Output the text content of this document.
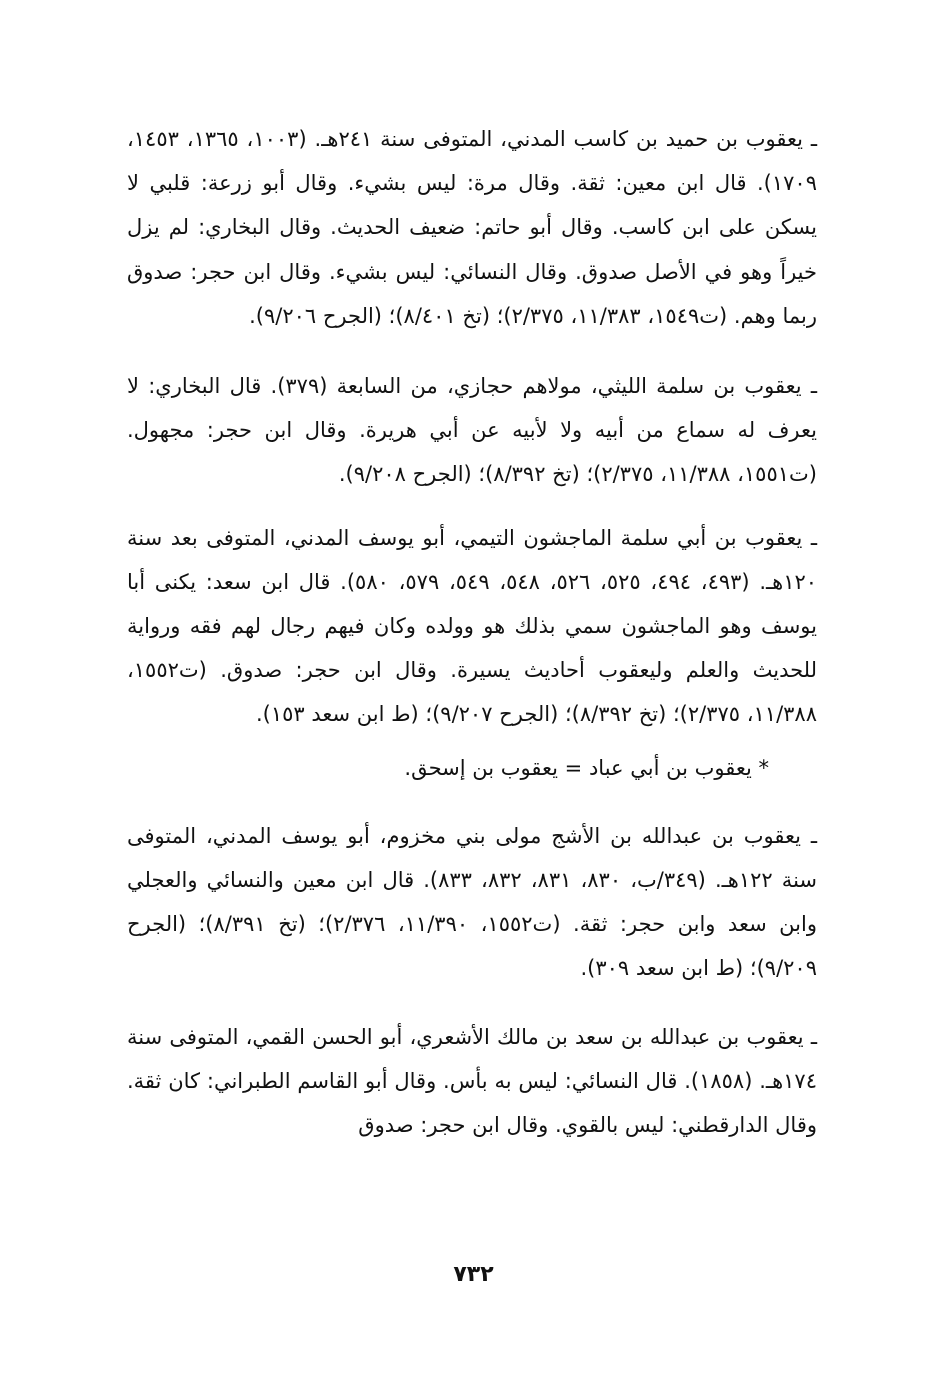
ـ يعقوب بن حميد بن كاسب المدني، المتوفى سنة ٢٤١هـ. (١٠٠٣، ١٣٦٥، ١٤٥٣، ١٧٠٩). قال ابن معين: ثقة. وقال مرة: ليس بشيء. وقال أبو زرعة: قلبي لا يسكن على ابن كاسب. وقال أبو حاتم: ضعيف الحديث. وقال البخاري: لم يزل خيراً وهو في الأصل صدوق. وقال النسائي: ليس بشيء. وقال ابن حجر: صدوق ربما وهم. (ت١٥٤٩، ١١/٣٨٣، ٢/٣٧٥)؛ (تخ ٨/٤٠١)؛ (الجرح ٩/٢٠٦).

ـ يعقوب بن سلمة الليثي، مولاهم حجازي، من السابعة (٣٧٩). قال البخاري: لا يعرف له سماع من أبيه ولا لأبيه عن أبي هريرة. وقال ابن حجر: مجهول. (ت١٥٥١، ١١/٣٨٨، ٢/٣٧٥)؛ (تخ ٨/٣٩٢)؛ (الجرح ٩/٢٠٨).

ـ يعقوب بن أبي سلمة الماجشون التيمي، أبو يوسف المدني، المتوفى بعد سنة ١٢٠هـ. (٤٩٣، ٤٩٤، ٥٢٥، ٥٢٦، ٥٤٨، ٥٤٩، ٥٧٩، ٥٨٠). قال ابن سعد: يكنى أبا يوسف وهو الماجشون سمي بذلك هو وولده وكان فيهم رجال لهم فقه ورواية للحديث والعلم وليعقوب أحاديث يسيرة. وقال ابن حجر: صدوق. (ت١٥٥٢، ١١/٣٨٨، ٢/٣٧٥)؛ (تخ ٨/٣٩٢)؛ (الجرح ٩/٢٠٧)؛ (ط ابن سعد ١٥٣).

* يعقوب بن أبي عباد = يعقوب بن إسحق.

ـ يعقوب بن عبدالله بن الأشج مولى بني مخزوم، أبو يوسف المدني، المتوفى سنة ١٢٢هـ. (٣٤٩/ب، ٨٣٠، ٨٣١، ٨٣٢، ٨٣٣). قال ابن معين والنسائي والعجلي وابن سعد وابن حجر: ثقة. (ت١٥٥٢، ١١/٣٩٠، ٢/٣٧٦)؛ (تخ ٨/٣٩١)؛ (الجرح ٩/٢٠٩)؛ (ط ابن سعد ٣٠٩).

ـ يعقوب بن عبدالله بن سعد بن مالك الأشعري، أبو الحسن القمي، المتوفى سنة ١٧٤هـ. (١٨٥٨). قال النسائي: ليس به بأس. وقال أبو القاسم الطبراني: كان ثقة. وقال الدارقطني: ليس بالقوي. وقال ابن حجر: صدوق

٧٣٢
